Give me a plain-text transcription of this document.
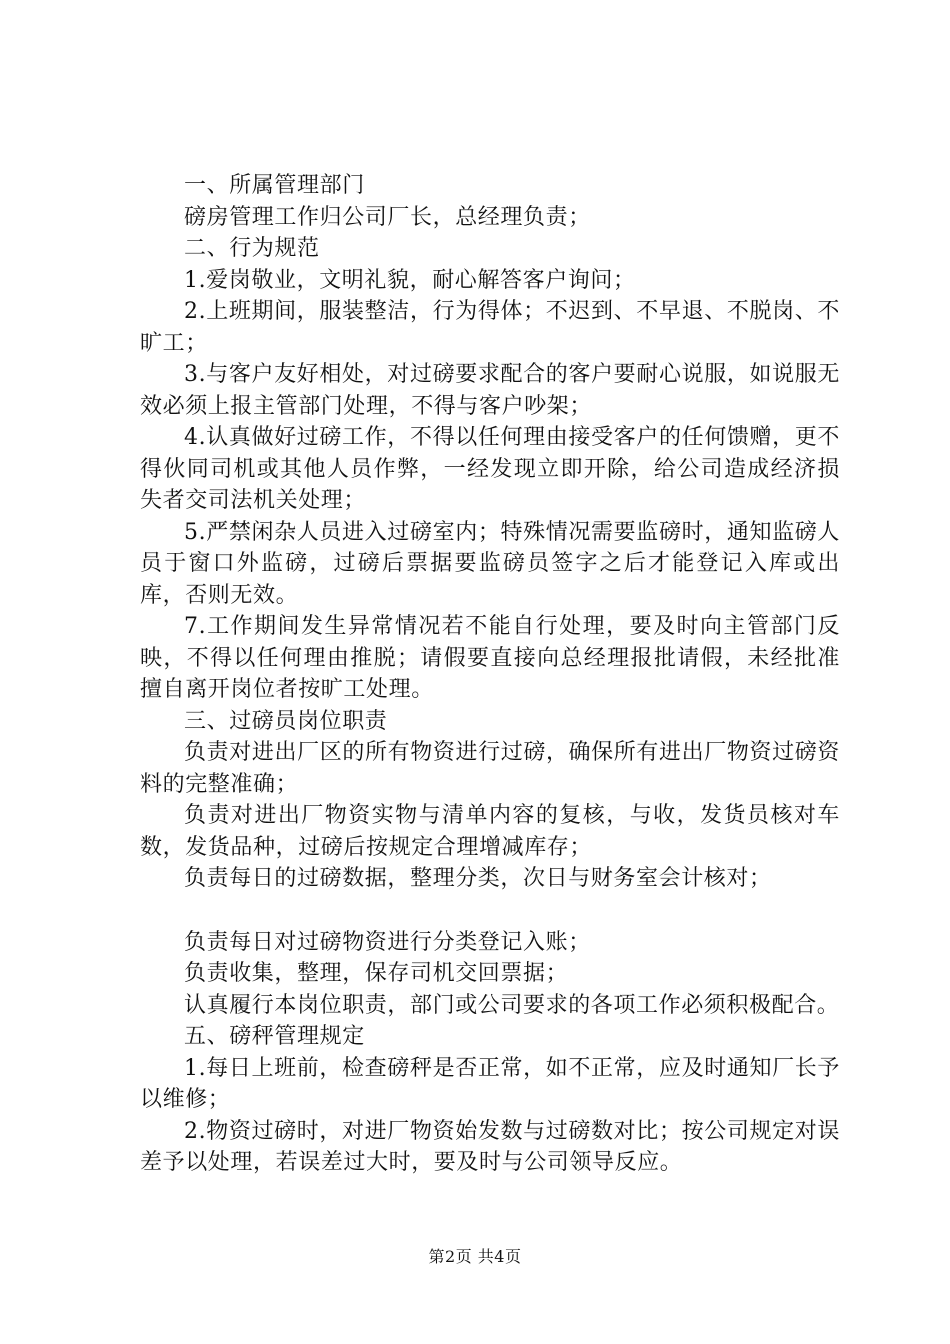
一、所属管理部门

磅房管理工作归公司厂长，总经理负责；

二、行为规范

1.爱岗敬业，文明礼貌，耐心解答客户询问；

2.上班期间，服装整洁，行为得体；不迟到、不早退、不脱岗、不旷工；

3.与客户友好相处，对过磅要求配合的客户要耐心说服，如说服无效必须上报主管部门处理，不得与客户吵架；

4.认真做好过磅工作，不得以任何理由接受客户的任何馈赠，更不得伙同司机或其他人员作弊，一经发现立即开除，给公司造成经济损失者交司法机关处理；

5.严禁闲杂人员进入过磅室内；特殊情况需要监磅时，通知监磅人员于窗口外监磅，过磅后票据要监磅员签字之后才能登记入库或出库，否则无效。

7.工作期间发生异常情况若不能自行处理，要及时向主管部门反映，不得以任何理由推脱；请假要直接向总经理报批请假，未经批准擅自离开岗位者按旷工处理。

三、过磅员岗位职责

负责对进出厂区的所有物资进行过磅，确保所有进出厂物资过磅资料的完整准确；

负责对进出厂物资实物与清单内容的复核，与收，发货员核对车数，发货品种，过磅后按规定合理增减库存；

负责每日的过磅数据，整理分类，次日与财务室会计核对；

负责每日对过磅物资进行分类登记入账；

负责收集，整理，保存司机交回票据；

认真履行本岗位职责，部门或公司要求的各项工作必须积极配合。

五、磅秤管理规定

1.每日上班前，检查磅秤是否正常，如不正常，应及时通知厂长予以维修；

2.物资过磅时，对进厂物资始发数与过磅数对比；按公司规定对误差予以处理，若误差过大时，要及时与公司领导反应。

第2页 共4页
